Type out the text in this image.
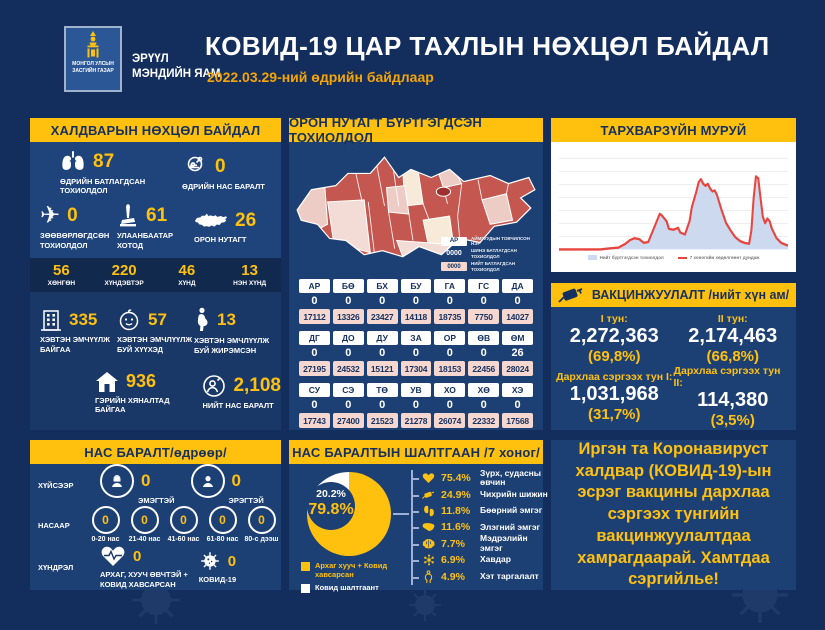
МОНГОЛ УЛСЫН
ЗАСГИЙН ГАЗАР
ЭРҮҮЛ МЭНДИЙН ЯАМ
КОВИД-19 ЦАР ТАХЛЫН НӨХЦӨЛ БАЙДАЛ
2022.03.29-ний өдрийн байдлаар
ХАЛДВАРЫН НӨХЦӨЛ БАЙДАЛ
87
ӨДРИЙН БАТЛАГДСАН ТОХИОЛДОЛ
0
ӨДРИЙН НАС БАРАЛТ
✈ 0
ЗӨӨВӨРЛӨГДСӨН ТОХИОЛДОЛ
61
УЛААНБААТАР ХОТОД
26
ОРОН НУТАГТ
56
ХӨНГӨН
220
ХҮНДЭВТЭР
46
ХҮНД
13
НЭН ХҮНД
335
ХЭВТЭН ЭМЧҮҮЛЖ БАЙГАА
57
ХЭВТЭН ЭМЧЛҮҮЛЖ БУЙ ХҮҮХЭД
13
ХЭВТЭН ЭМЧЛҮҮЛЖ БУЙ ЖИРЭМСЭН
936
ГЭРИЙН ХЯНАЛТАД БАЙГАА
2,108
НИЙТ НАС БАРАЛТ
ОРОН НУТАГТ БҮРТГЭГДСЭН ТОХИОЛДОЛ
АР	АЙМГУУДЫН ТОВЧИЛСОН НЭР
0000	ШИНЭ БАТЛАГДСАН ТОХИОЛДОЛ
0000	НИЙТ БАТЛАГДСАН ТОХИОЛДОЛ
АР	БӨ	БХ	БУ	ГА	ГС	ДА
0	0	0	0	0	0	0
17112	13326	23427	14118	18735	7750	14027
ДГ	ДО	ДУ	ЗА	ОР	ӨВ	ӨМ
0	0	0	0	0	0	26
27195	24532	15121	17304	18153	22456	28024
СУ	СЭ	ТӨ	УВ	ХО	ХӨ	ХЭ
0	0	0	0	0	0	0
17743	27400	21523	21278	26074	22332	17568
ТАРХВАРЗҮЙН МУРУЙ
Нийт бүртгэгдсэн тохиолдол	7 хоногийн хөдөлгөөнт дундаж
ВАКЦИНЖУУЛАЛТ /нийт хүн ам/
I тун:
2,272,363
(69,8%)
II тун:
2,174,463
(66,8%)
Дархлаа сэргээх тун I:
1,031,968
(31,7%)
Дархлаа сэргээх тун II:
114,380
(3,5%)
НАС БАРАЛТ /өдрөөр/
ХҮЙСЭЭР	0
ЭМЭГТЭЙ
0
ЭРЭГТЭЙ
НАСААР	0
0-20 нас
0
21-40 нас
0
41-60 нас
0
61-80 нас
0
80-с дээш
ХҮНДРЭЛ
0
АРХАГ, ХУУЧ ӨВЧТЭЙ + КОВИД ХАВСАРСАН
0
КОВИД-19
НАС БАРАЛТЫН ШАЛТГААН /7 хоног/
20.2%
79.8%
Архаг хууч + Ковид хавсарсан
Ковид шалтгаант
75.4%	Зүрх, судасны өвчин
24.9%	Чихрийн шижин
11.8%	Бөөрний эмгэг
11.6%	Элэгний эмгэг
7.7%	Мэдрэлийн эмгэг
6.9%	Хавдар
4.9%	Хэт таргалалт
Иргэн та Коронавируст халдвар (КОВИД-19)-ын эсрэг вакцины дархлаа сэргээх тунгийн вакцинжуулалтдаа хамрагдаарай. Хамтдаа сэргийлье!
